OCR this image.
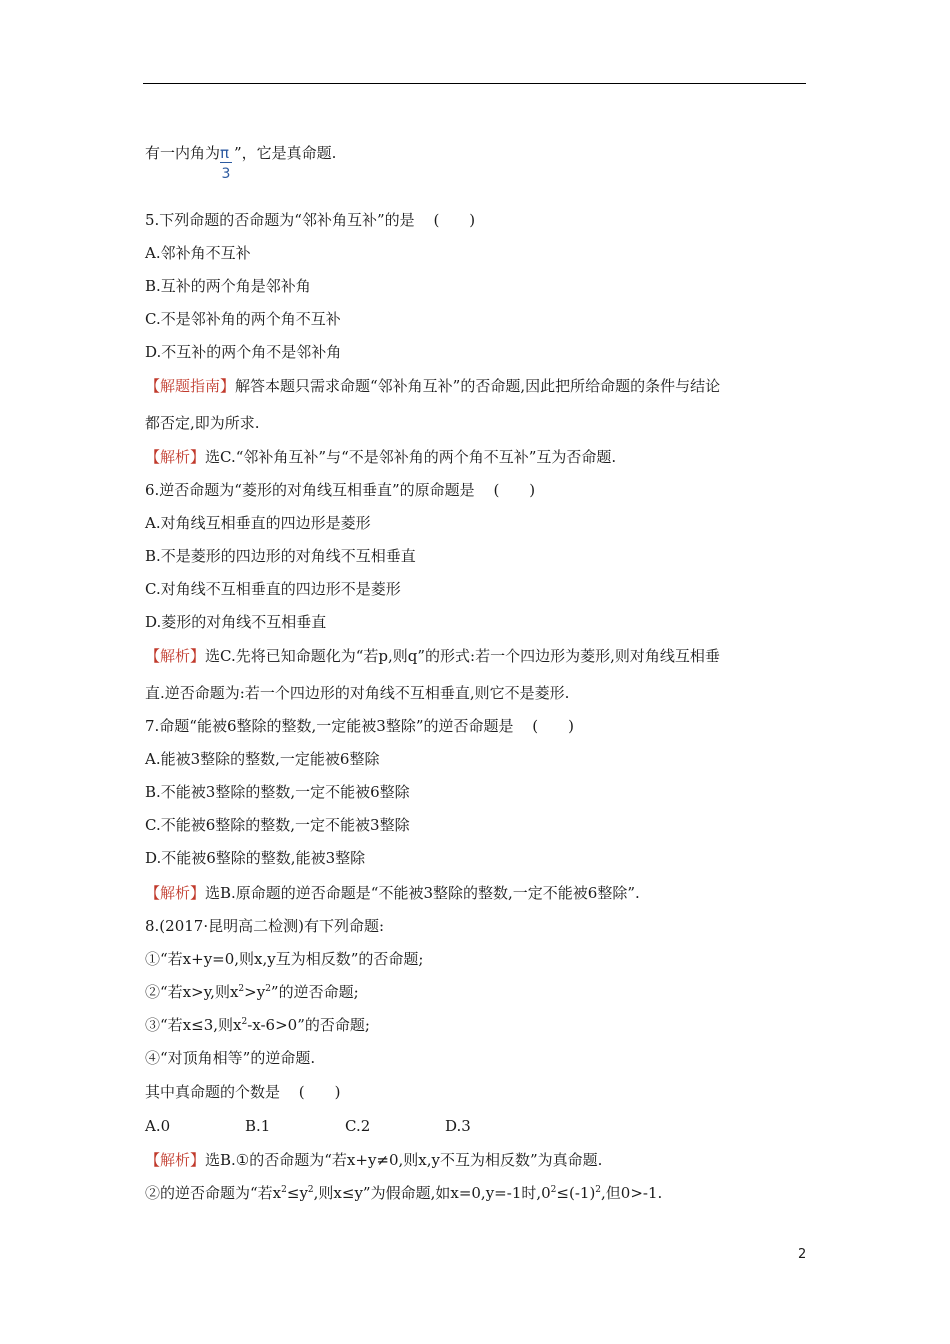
有一内角为$\frac{\pi}{3}$ ”，它是真命题.
5.下列命题的否命题为“邻补角互补”的是 (　　)
A.邻补角不互补
B.互补的两个角是邻补角
C.不是邻补角的两个角不互补
D.不互补的两个角不是邻补角
【解题指南】解答本题只需求命题“邻补角互补”的否命题,因此把所给命题的条件与结论
都否定,即为所求.
【解析】选C.“邻补角互补”与“不是邻补角的两个角不互补”互为否命题.
6.逆否命题为“菱形的对角线互相垂直”的原命题是 (　　)
A.对角线互相垂直的四边形是菱形
B.不是菱形的四边形的对角线不互相垂直
C.对角线不互相垂直的四边形不是菱形
D.菱形的对角线不互相垂直
【解析】选C.先将已知命题化为“若p,则q”的形式:若一个四边形为菱形,则对角线互相垂
直.逆否命题为:若一个四边形的对角线不互相垂直,则它不是菱形.
7.命题“能被6整除的整数,一定能被3整除”的逆否命题是 (　　)
A.能被3整除的整数,一定能被6整除
B.不能被3整除的整数,一定不能被6整除
C.不能被6整除的整数,一定不能被3整除
D.不能被6整除的整数,能被3整除
【解析】选B.原命题的逆否命题是“不能被3整除的整数,一定不能被6整除”.
8.(2017·昆明高二检测)有下列命题:
①“若x+y=0,则x,y互为相反数”的否命题;
②“若x>y,则$x^2>y^2$”的逆否命题;
③“若x≤3,则$x^2-x-6>0$”的否命题;
④“对顶角相等”的逆命题.
其中真命题的个数是 (　　)
A.0	B.1	C.2	D.3
【解析】选B.①的否命题为“若x+y≠0,则x,y不互为相反数”为真命题.
②的逆否命题为“若$x^2\le y^2$,则x≤y”为假命题,如x=0,y=-1时$,0^2\le(-1)^2$,但0>-1.
2
